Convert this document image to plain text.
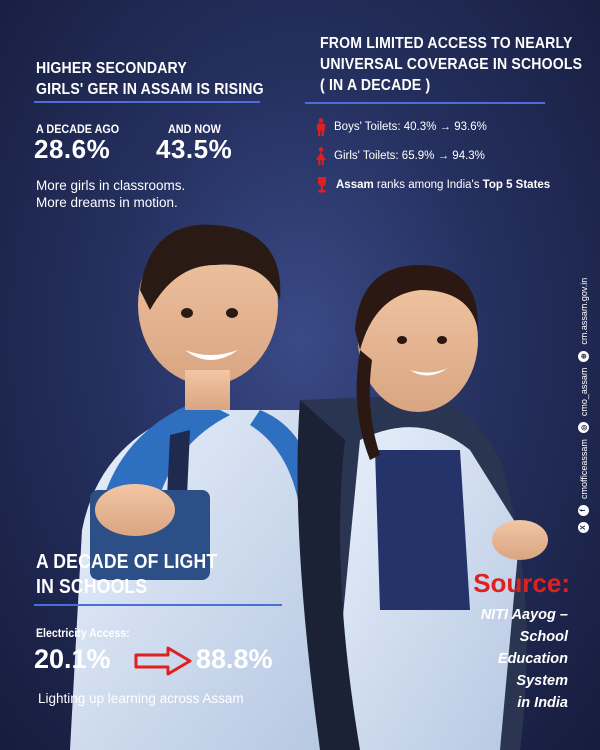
HIGHER SECONDARY
GIRLS' GER IN ASSAM IS RISING
A DECADE AGO
28.6%
AND NOW
43.5%
More girls in classrooms.
More dreams in motion.
FROM LIMITED ACCESS TO NEARLY
UNIVERSAL COVERAGE IN SCHOOLS
( IN A DECADE )
Boys' Toilets: 40.3% → 93.6%
Girls' Toilets: 65.9% → 94.3%
Assam ranks among India's Top 5 States
X
f
cmofficeassam
◎
cmo_assam
⊕
cm.assam.gov.in
A DECADE OF LIGHT
IN SCHOOLS
Electricity Access:
20.1%	88.8%
Lighting up learning across Assam
Source:
NITI Aayog –
School
Education
System
in India
